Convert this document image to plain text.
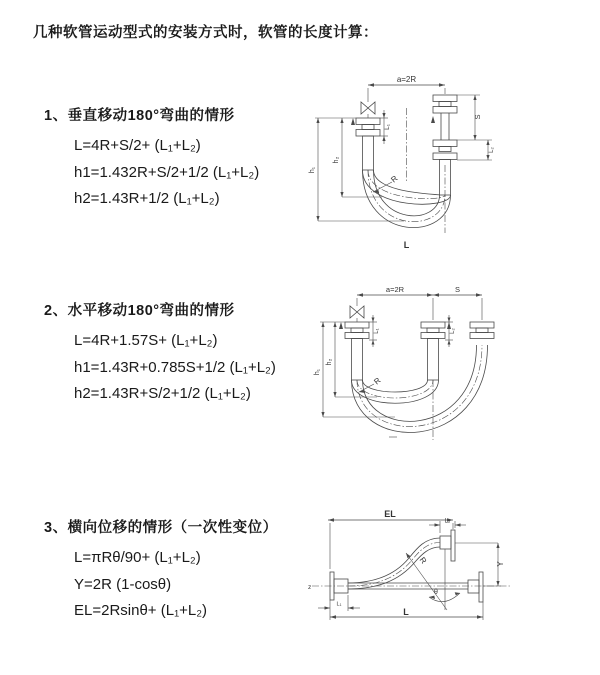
几种软管运动型式的安装方式时，软管的长度计算：
1、垂直移动180°弯曲的情形
L=4R+S/2+ (L₁+L₂)
h1=1.432R+S/2+1/2 (L₁+L₂)
h2=1.43R+1/2 (L₁+L₂)
2、水平移动180°弯曲的情形
L=4R+1.57S+ (L₁+L₂)
h1=1.43R+0.785S+1/2 (L₁+L₂)
h2=1.43R+S/2+1/2 (L₁+L₂)
3、横向位移的情形（一次性变位）
L=πRθ/90+ (L₁+L₂)
Y=2R (1-cosθ)
EL=2Rsinθ+ (L₁+L₂)
a=2R
L₁
S
L₂
h₁
h₂
R
L
a=2R	S
L₁	L₂
h₁
h₂
R
EL
L₂
Y
z
R
θ
L₁
L
